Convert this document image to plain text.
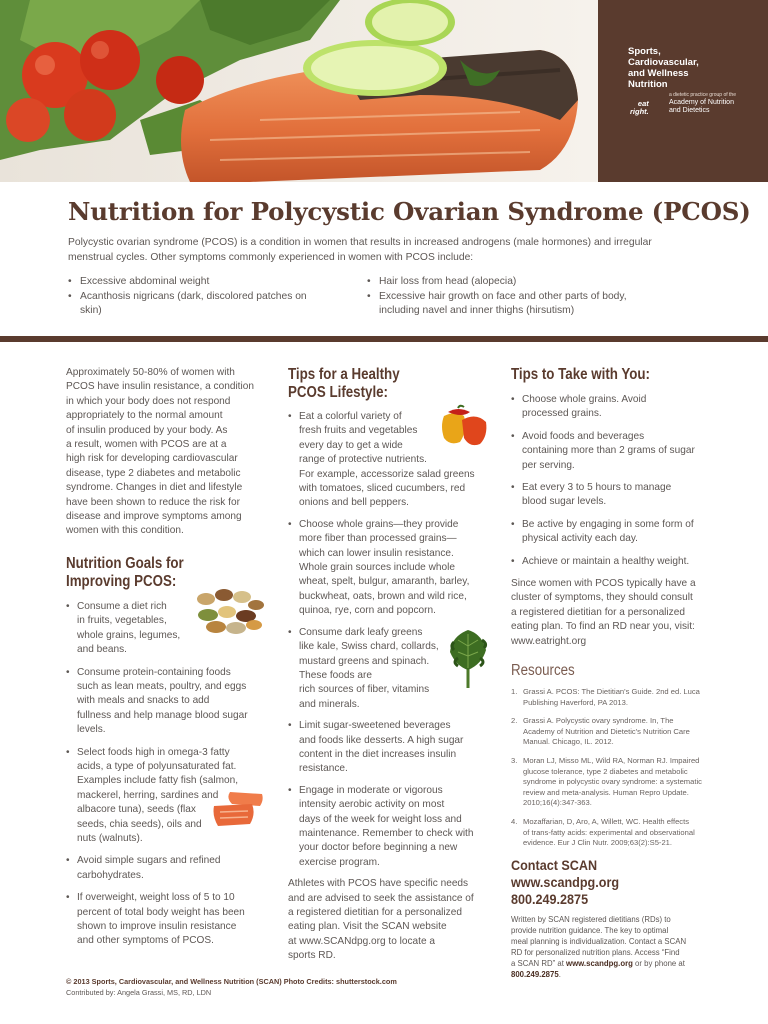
Sports,
Cardiovascular,
and Wellness
Nutrition
a dietetic practice group of the
eat
right.
Academy of Nutrition
and Dietetics
Nutrition for Polycystic Ovarian Syndrome (PCOS)

Polycystic ovarian syndrome (PCOS) is a condition in women that results in increased androgens (male hormones) and irregular menstrual cycles. Other symptoms commonly experienced in women with PCOS include:

• Excessive abdominal weight
• Acanthosis nigricans (dark, discolored patches on skin)
• Hair loss from head (alopecia)
• Excessive hair growth on face and other parts of body, including navel and inner thighs (hirsutism)
Approximately 50-80% of women with
PCOS have insulin resistance, a condition
in which your body does not respond
appropriately to the normal amount
of insulin produced by your body. As
a result, women with PCOS are at a
high risk for developing cardiovascular
disease, type 2 diabetes and metabolic
syndrome. Changes in diet and lifestyle
have been shown to reduce the risk for
disease and improve symptoms among
women with this condition.
Nutrition Goals for
Improving PCOS:
• Consume a diet rich
in fruits, vegetables,
whole grains, legumes,
and beans.
• Consume protein-containing foods
such as lean meats, poultry, and eggs
with meals and snacks to add
fullness and help manage blood sugar
levels.
• Select foods high in omega-3 fatty
acids, a type of polyunsaturated fat.
Examples include fatty fish (salmon,
mackerel, herring, sardines and
albacore tuna), seeds (flax
seeds, chia seeds), oils and
nuts (walnuts).
• Avoid simple sugars and refined
carbohydrates.
• If overweight, weight loss of 5 to 10
percent of total body weight has been
shown to improve insulin resistance
and other symptoms of PCOS.
Tips for a Healthy
PCOS Lifestyle:
• Eat a colorful variety of
fresh fruits and vegetables
every day to get a wide
range of protective nutrients.
For example, accessorize salad greens
with tomatoes, sliced cucumbers, red
onions and bell peppers.
• Choose whole grains—they provide
more fiber than processed grains—
which can lower insulin resistance.
Whole grain sources include whole
wheat, spelt, bulgur, amaranth, barley,
buckwheat, oats, brown and wild rice,
quinoa, rye, corn and popcorn.
• Consume dark leafy greens
like kale, Swiss chard, collards,
mustard greens and spinach.
These foods are
rich sources of fiber, vitamins
and minerals.
• Limit sugar-sweetened beverages
and foods like desserts. A high sugar
content in the diet increases insulin
resistance.
• Engage in moderate or vigorous
intensity aerobic activity on most
days of the week for weight loss and
maintenance. Remember to check with
your doctor before beginning a new
exercise program.
Athletes with PCOS have specific needs
and are advised to seek the assistance of
a registered dietitian for a personalized
eating plan. Visit the SCAN website
at www.SCANdpg.org to locate a
sports RD.
Tips to Take with You:
• Choose whole grains. Avoid
processed grains.
• Avoid foods and beverages
containing more than 2 grams of sugar
per serving.
• Eat every 3 to 5 hours to manage
blood sugar levels.
• Be active by engaging in some form of
physical activity each day.
• Achieve or maintain a healthy weight.
Since women with PCOS typically have a
cluster of symptoms, they should consult
a registered dietitian for a personalized
eating plan. To find an RD near you, visit:
www.eatright.org
Resources
1. Grassi A. PCOS: The Dietitian's Guide. 2nd ed. Luca
Publishing Haverford, PA 2013.
2. Grassi A. Polycystic ovary syndrome. In, The
Academy of Nutrition and Dietetic's Nutrition Care
Manual. Chicago, IL. 2012.
3. Moran LJ, Misso ML, Wild RA, Norman RJ. Impaired
glucose tolerance, type 2 diabetes and metabolic
syndrome in polycystic ovary syndrome: a systematic
review and meta-analysis. Human Repro Update.
2010;16(4):347-363.
4. Mozaffarian, D, Aro, A, Willett, WC. Health effects
of trans-fatty acids: experimental and observational
evidence. Eur J Clin Nutr. 2009;63(2):S5-21.
Contact SCAN
www.scandpg.org
800.249.2875
Written by SCAN registered dietitians (RDs) to
provide nutrition guidance. The key to optimal
meal planning is individualization. Contact a SCAN
RD for personalized nutrition plans. Access “Find
a SCAN RD” at www.scandpg.org or by phone at
800.249.2875.
© 2013 Sports, Cardiovascular, and Wellness Nutrition (SCAN) Photo Credits: shutterstock.com
Contributed by: Angela Grassi, MS, RD, LDN
